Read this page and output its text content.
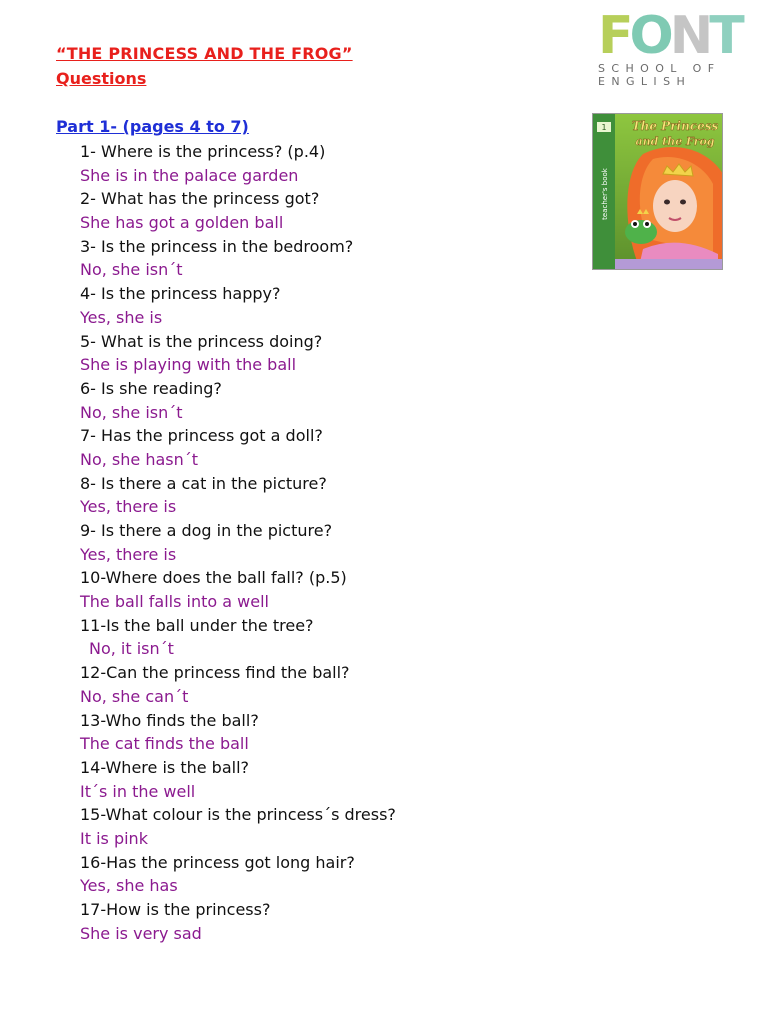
“THE PRINCESS AND THE FROG”
Questions
Part 1- (pages 4 to 7)
1- Where is the princess? (p.4)
She is in the palace garden
2- What has the princess got?
She has got a golden ball
3- Is the princess in the bedroom?
No, she isn´t
4- Is the princess happy?
Yes, she is
5- What is the princess doing?
She is playing with the ball
6- Is she reading?
No, she isn´t
7- Has the princess got a doll?
No, she hasn´t
8- Is there a cat in the picture?
Yes, there is
9- Is there a dog in the picture?
Yes, there is
10-Where does the ball fall? (p.5)
The ball falls into a well
11-Is the ball under the tree?
No, it isn´t
12-Can the princess find the ball?
No, she can´t
13-Who finds the ball?
The cat finds the ball
14-Where is the ball?
It´s in the well
15-What colour is the princess´s dress?
It is pink
16-Has the princess got long hair?
Yes, she has
17-How is the princess?
She is very sad
F O N T
SCHOOL OF
ENGLISH
1
teacher's book
The Princess
and the Frog
